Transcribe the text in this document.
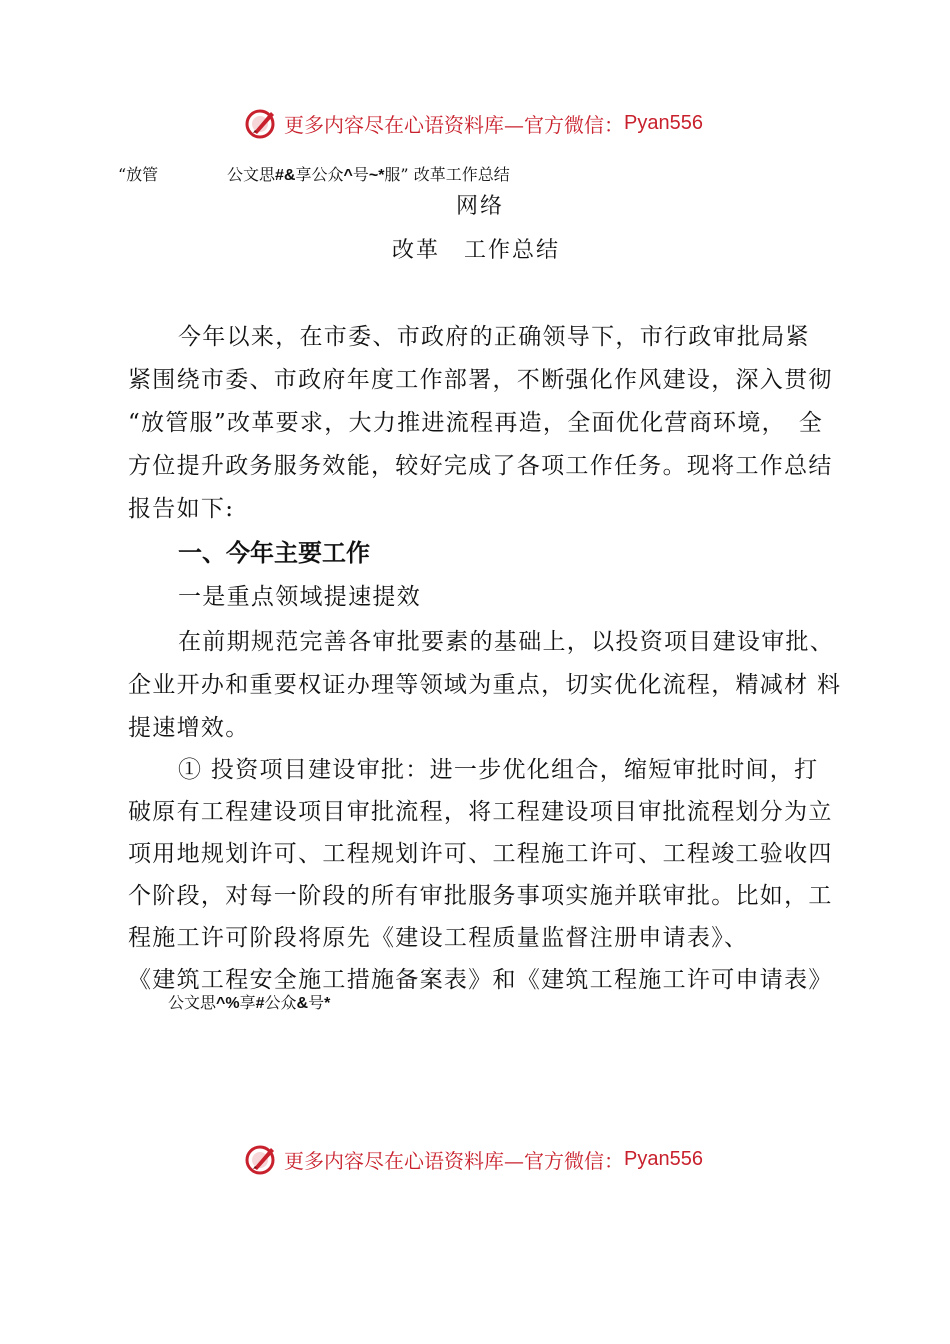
更多内容尽在心语资料库—官方微信： Pyan556
“放管	公文思#&享公众^号~*服” 改革工作总结
网络
改革　工作总结
今年以来，在市委、市政府的正确领导下，市行政审批局紧
紧围绕市委、市政府年度工作部署，不断强化作风建设，深入贯彻
“放管服”改革要求，大力推进流程再造，全面优化营商环境，　全
方位提升政务服务效能，较好完成了各项工作任务。现将工作总结
报告如下:
一、今年主要工作
一是重点领域提速提效
在前期规范完善各审批要素的基础上，以投资项目建设审批、
企业开办和重要权证办理等领域为重点，切实优化流程，精减材 料
提速增效。
① 投资项目建设审批：进一步优化组合，缩短审批时间，打
破原有工程建设项目审批流程，将工程建设项目审批流程划分为立
项用地规划许可、工程规划许可、工程施工许可、工程竣工验收四
个阶段，对每一阶段的所有审批服务事项实施并联审批。比如，工
程施工许可阶段将原先《建设工程质量监督注册申请表》、
《建筑工程安全施工措施备案表》和《建筑工程施工许可申请表》
公文思^%享#公众&号*
更多内容尽在心语资料库—官方微信： Pyan556
